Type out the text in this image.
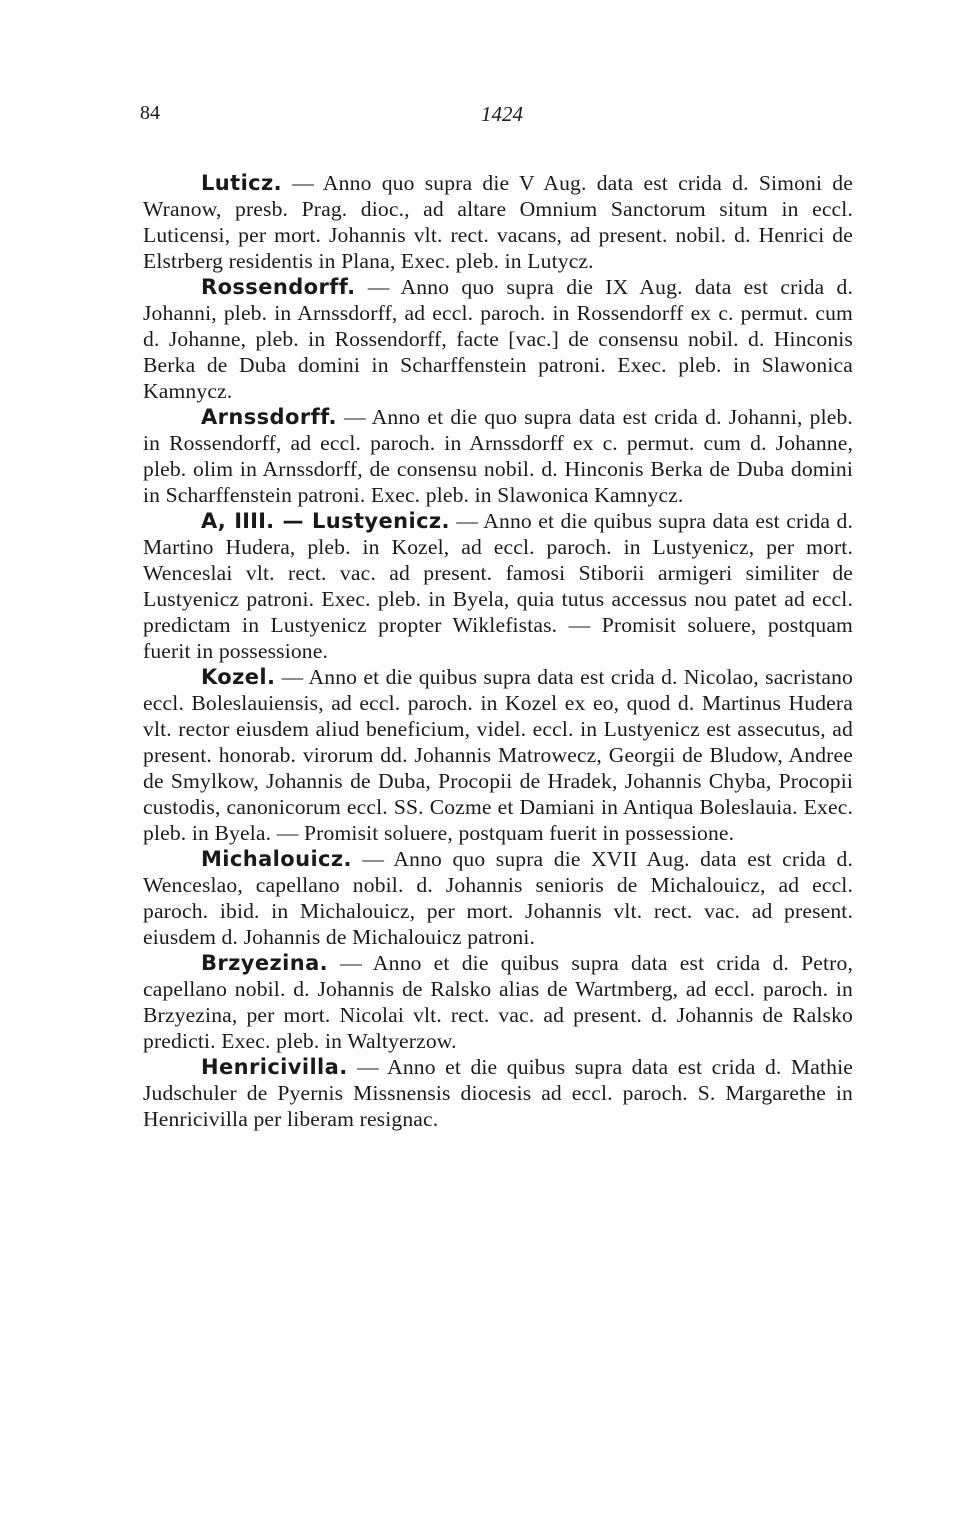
84	1424

Luticz. — Anno quo supra die V Aug. data est crida d. Simoni de Wranow, presb. Prag. dioc., ad altare Omnium Sanctorum situm in eccl. Luticensi, per mort. Johannis vlt. rect. vacans, ad present. nobil. d. Henrici de Elstrberg residentis in Plana, Exec. pleb. in Lutycz.

Rossendorff. — Anno quo supra die IX Aug. data est crida d. Johanni, pleb. in Arnssdorff, ad eccl. paroch. in Rossendorff ex c. permut. cum d. Johanne, pleb. in Rossendorff, facte [vac.] de consensu nobil. d. Hinconis Berka de Duba domini in Scharffenstein patroni. Exec. pleb. in Slawonica Kamnycz.

Arnssdorff. — Anno et die quo supra data est crida d. Johanni, pleb. in Rossendorff, ad eccl. paroch. in Arnssdorff ex c. permut. cum d. Johanne, pleb. olim in Arnssdorff, de consensu nobil. d. Hinconis Berka de Duba domini in Scharffenstein patroni. Exec. pleb. in Slawonica Kamnycz.

A, IIII. — Lustyenicz. — Anno et die quibus supra data est crida d. Martino Hudera, pleb. in Kozel, ad eccl. paroch. in Lustyenicz, per mort. Wenceslai vlt. rect. vac. ad present. famosi Stiborii armigeri similiter de Lustyenicz patroni. Exec. pleb. in Byela, quia tutus accessus nou patet ad eccl. predictam in Lustyenicz propter Wiklefistas. — Promisit soluere, postquam fuerit in possessione.

Kozel. — Anno et die quibus supra data est crida d. Nicolao, sacristano eccl. Boleslauiensis, ad eccl. paroch. in Kozel ex eo, quod d. Martinus Hudera vlt. rector eiusdem aliud beneficium, videl. eccl. in Lustyenicz est assecutus, ad present. honorab. virorum dd. Johannis Matrowecz, Georgii de Bludow, Andree de Smylkow, Johannis de Duba, Procopii de Hradek, Johannis Chyba, Procopii custodis, canonicorum eccl. SS. Cozme et Damiani in Antiqua Boleslauia. Exec. pleb. in Byela. — Promisit soluere, postquam fuerit in possessione.

Michalouicz. — Anno quo supra die XVII Aug. data est crida d. Wenceslao, capellano nobil. d. Johannis senioris de Michalouicz, ad eccl. paroch. ibid. in Michalouicz, per mort. Johannis vlt. rect. vac. ad present. eiusdem d. Johannis de Michalouicz patroni.

Brzyezina. — Anno et die quibus supra data est crida d. Petro, capellano nobil. d. Johannis de Ralsko alias de Wartmberg, ad eccl. paroch. in Brzyezina, per mort. Nicolai vlt. rect. vac. ad present. d. Johannis de Ralsko predicti. Exec. pleb. in Waltyerzow.

Henricivilla. — Anno et die quibus supra data est crida d. Mathie Judschuler de Pyernis Missnensis diocesis ad eccl. paroch. S. Margarethe in Henricivilla per liberam resignac.
